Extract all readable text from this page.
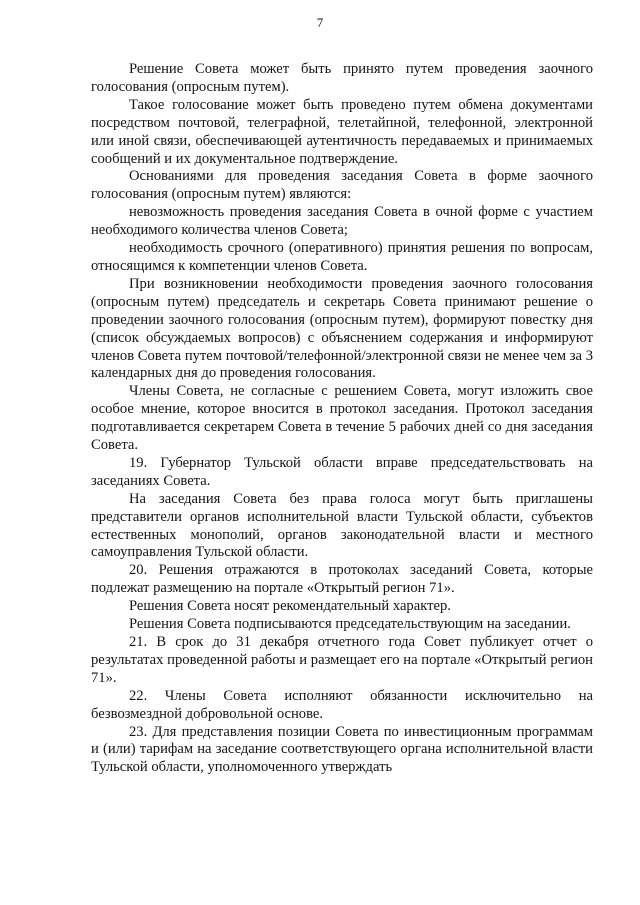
7

Решение Совета может быть принято путем проведения заочного голосования (опросным путем).

Такое голосование может быть проведено путем обмена документами посредством почтовой, телеграфной, телетайпной, телефонной, электронной или иной связи, обеспечивающей аутентичность передаваемых и принимаемых сообщений и их документальное подтверждение.

Основаниями для проведения заседания Совета в форме заочного голосования (опросным путем) являются:

невозможность проведения заседания Совета в очной форме с участием необходимого количества членов Совета;

необходимость срочного (оперативного) принятия решения по вопросам, относящимся к компетенции членов Совета.

При возникновении необходимости проведения заочного голосования (опросным путем) председатель и секретарь Совета принимают решение о проведении заочного голосования (опросным путем), формируют повестку дня (список обсуждаемых вопросов) с объяснением содержания и информируют членов Совета путем почтовой/телефонной/электронной связи не менее чем за 3 календарных дня до проведения голосования.

Члены Совета, не согласные с решением Совета, могут изложить свое особое мнение, которое вносится в протокол заседания. Протокол заседания подготавливается секретарем Совета в течение 5 рабочих дней со дня заседания Совета.

19. Губернатор Тульской области вправе председательствовать на заседаниях Совета.

На заседания Совета без права голоса могут быть приглашены представители органов исполнительной власти Тульской области, субъектов естественных монополий, органов законодательной власти и местного самоуправления Тульской области.

20. Решения отражаются в протоколах заседаний Совета, которые подлежат размещению на портале «Открытый регион 71».

Решения Совета носят рекомендательный характер.

Решения Совета подписываются председательствующим на заседании.

21. В срок до 31 декабря отчетного года Совет публикует отчет о результатах проведенной работы и размещает его на портале «Открытый регион 71».

22. Члены Совета исполняют обязанности исключительно на безвозмездной добровольной основе.

23. Для представления позиции Совета по инвестиционным программам и (или) тарифам на заседание соответствующего органа исполнительной власти Тульской области, уполномоченного утверждать
